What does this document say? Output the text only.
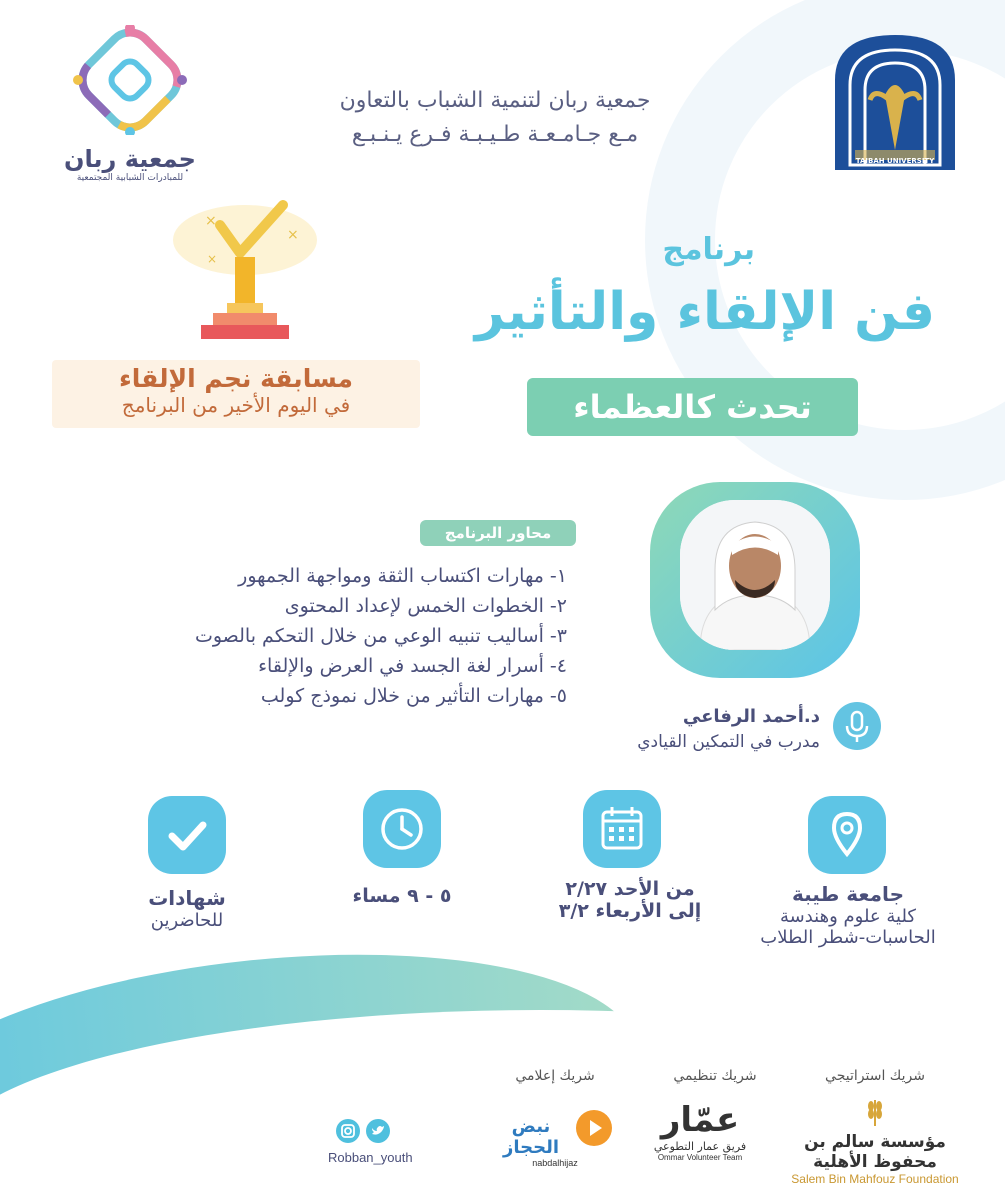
جمعية ربان
للمبادرات الشبابية المجتمعية
TAIBAH UNIVERSITY
جمعية ربان لتنمية الشباب بالتعاون
مـع جـامـعـة طـيـبـة فـرع يـنـبـع
×
×
×
مسابقة نجم الإلقاء
في اليوم الأخير من البرنامج
برنامج
فن الإلقاء والتأثير
تحدث كالعظماء
محاور البرنامج
١- مهارات اكتساب الثقة ومواجهة الجمهور
٢- الخطوات الخمس لإعداد المحتوى
٣- أساليب تنبيه الوعي من خلال التحكم بالصوت
٤- أسرار لغة الجسد في العرض والإلقاء
٥- مهارات التأثير من خلال نموذج كولب
د.أحمد الرفاعي
مدرب في التمكين القيادي
جامعة طيبة
كلية علوم وهندسة
الحاسبات-شطر الطلاب
من الأحد ٢/٢٧
إلى الأربعاء ٣/٢
٥ - ٩ مساء
شهادات
للحاضرين
شريك استراتيجي
مؤسسة سالم بن محفوظ الأهلية
Salem Bin Mahfouz Foundation
شريك تنظيمي
عمّار
فريق عمار التطوعي
Ommar Volunteer Team
شريك إعلامي
نبض الحجاز
nabdalhijaz
Robban_youth
